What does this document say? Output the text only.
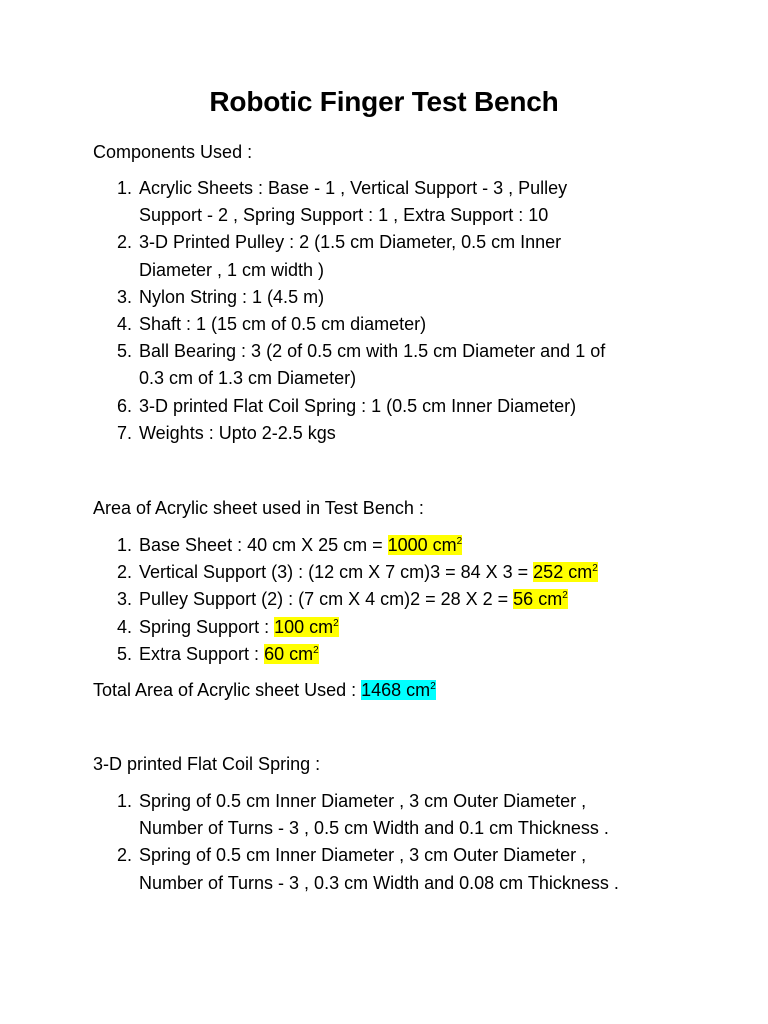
Robotic Finger Test Bench
Components Used :
1. Acrylic Sheets : Base - 1 , Vertical Support - 3 , Pulley
Support - 2 , Spring Support : 1 , Extra Support : 10
2. 3-D Printed Pulley : 2 (1.5 cm Diameter, 0.5 cm Inner
Diameter , 1 cm width )
3. Nylon String : 1 (4.5 m)
4. Shaft : 1 (15 cm of 0.5 cm diameter)
5. Ball Bearing : 3 (2 of 0.5 cm with 1.5 cm Diameter and 1 of
0.3 cm of 1.3 cm Diameter)
6. 3-D printed Flat Coil Spring : 1 (0.5 cm Inner Diameter)
7. Weights : Upto 2-2.5 kgs
Area of Acrylic sheet used in Test Bench :
1. Base Sheet : 40 cm X 25 cm = 1000 $cm^2$
2. Vertical Support (3) : (12 cm X 7 cm)3 = 84 X 3 = 252 $cm^2$
3. Pulley Support (2) : (7 cm X 4 cm)2 = 28 X 2 = 56 $cm^2$
4. Spring Support : 100 $cm^2$
5. Extra Support : 60 $cm^2$
Total Area of Acrylic sheet Used : 1468 $cm^2$
3-D printed Flat Coil Spring :
1. Spring of 0.5 cm Inner Diameter , 3 cm Outer Diameter ,
Number of Turns - 3 , 0.5 cm Width and 0.1 cm Thickness .
2. Spring of 0.5 cm Inner Diameter , 3 cm Outer Diameter ,
Number of Turns - 3 , 0.3 cm Width and 0.08 cm Thickness .
